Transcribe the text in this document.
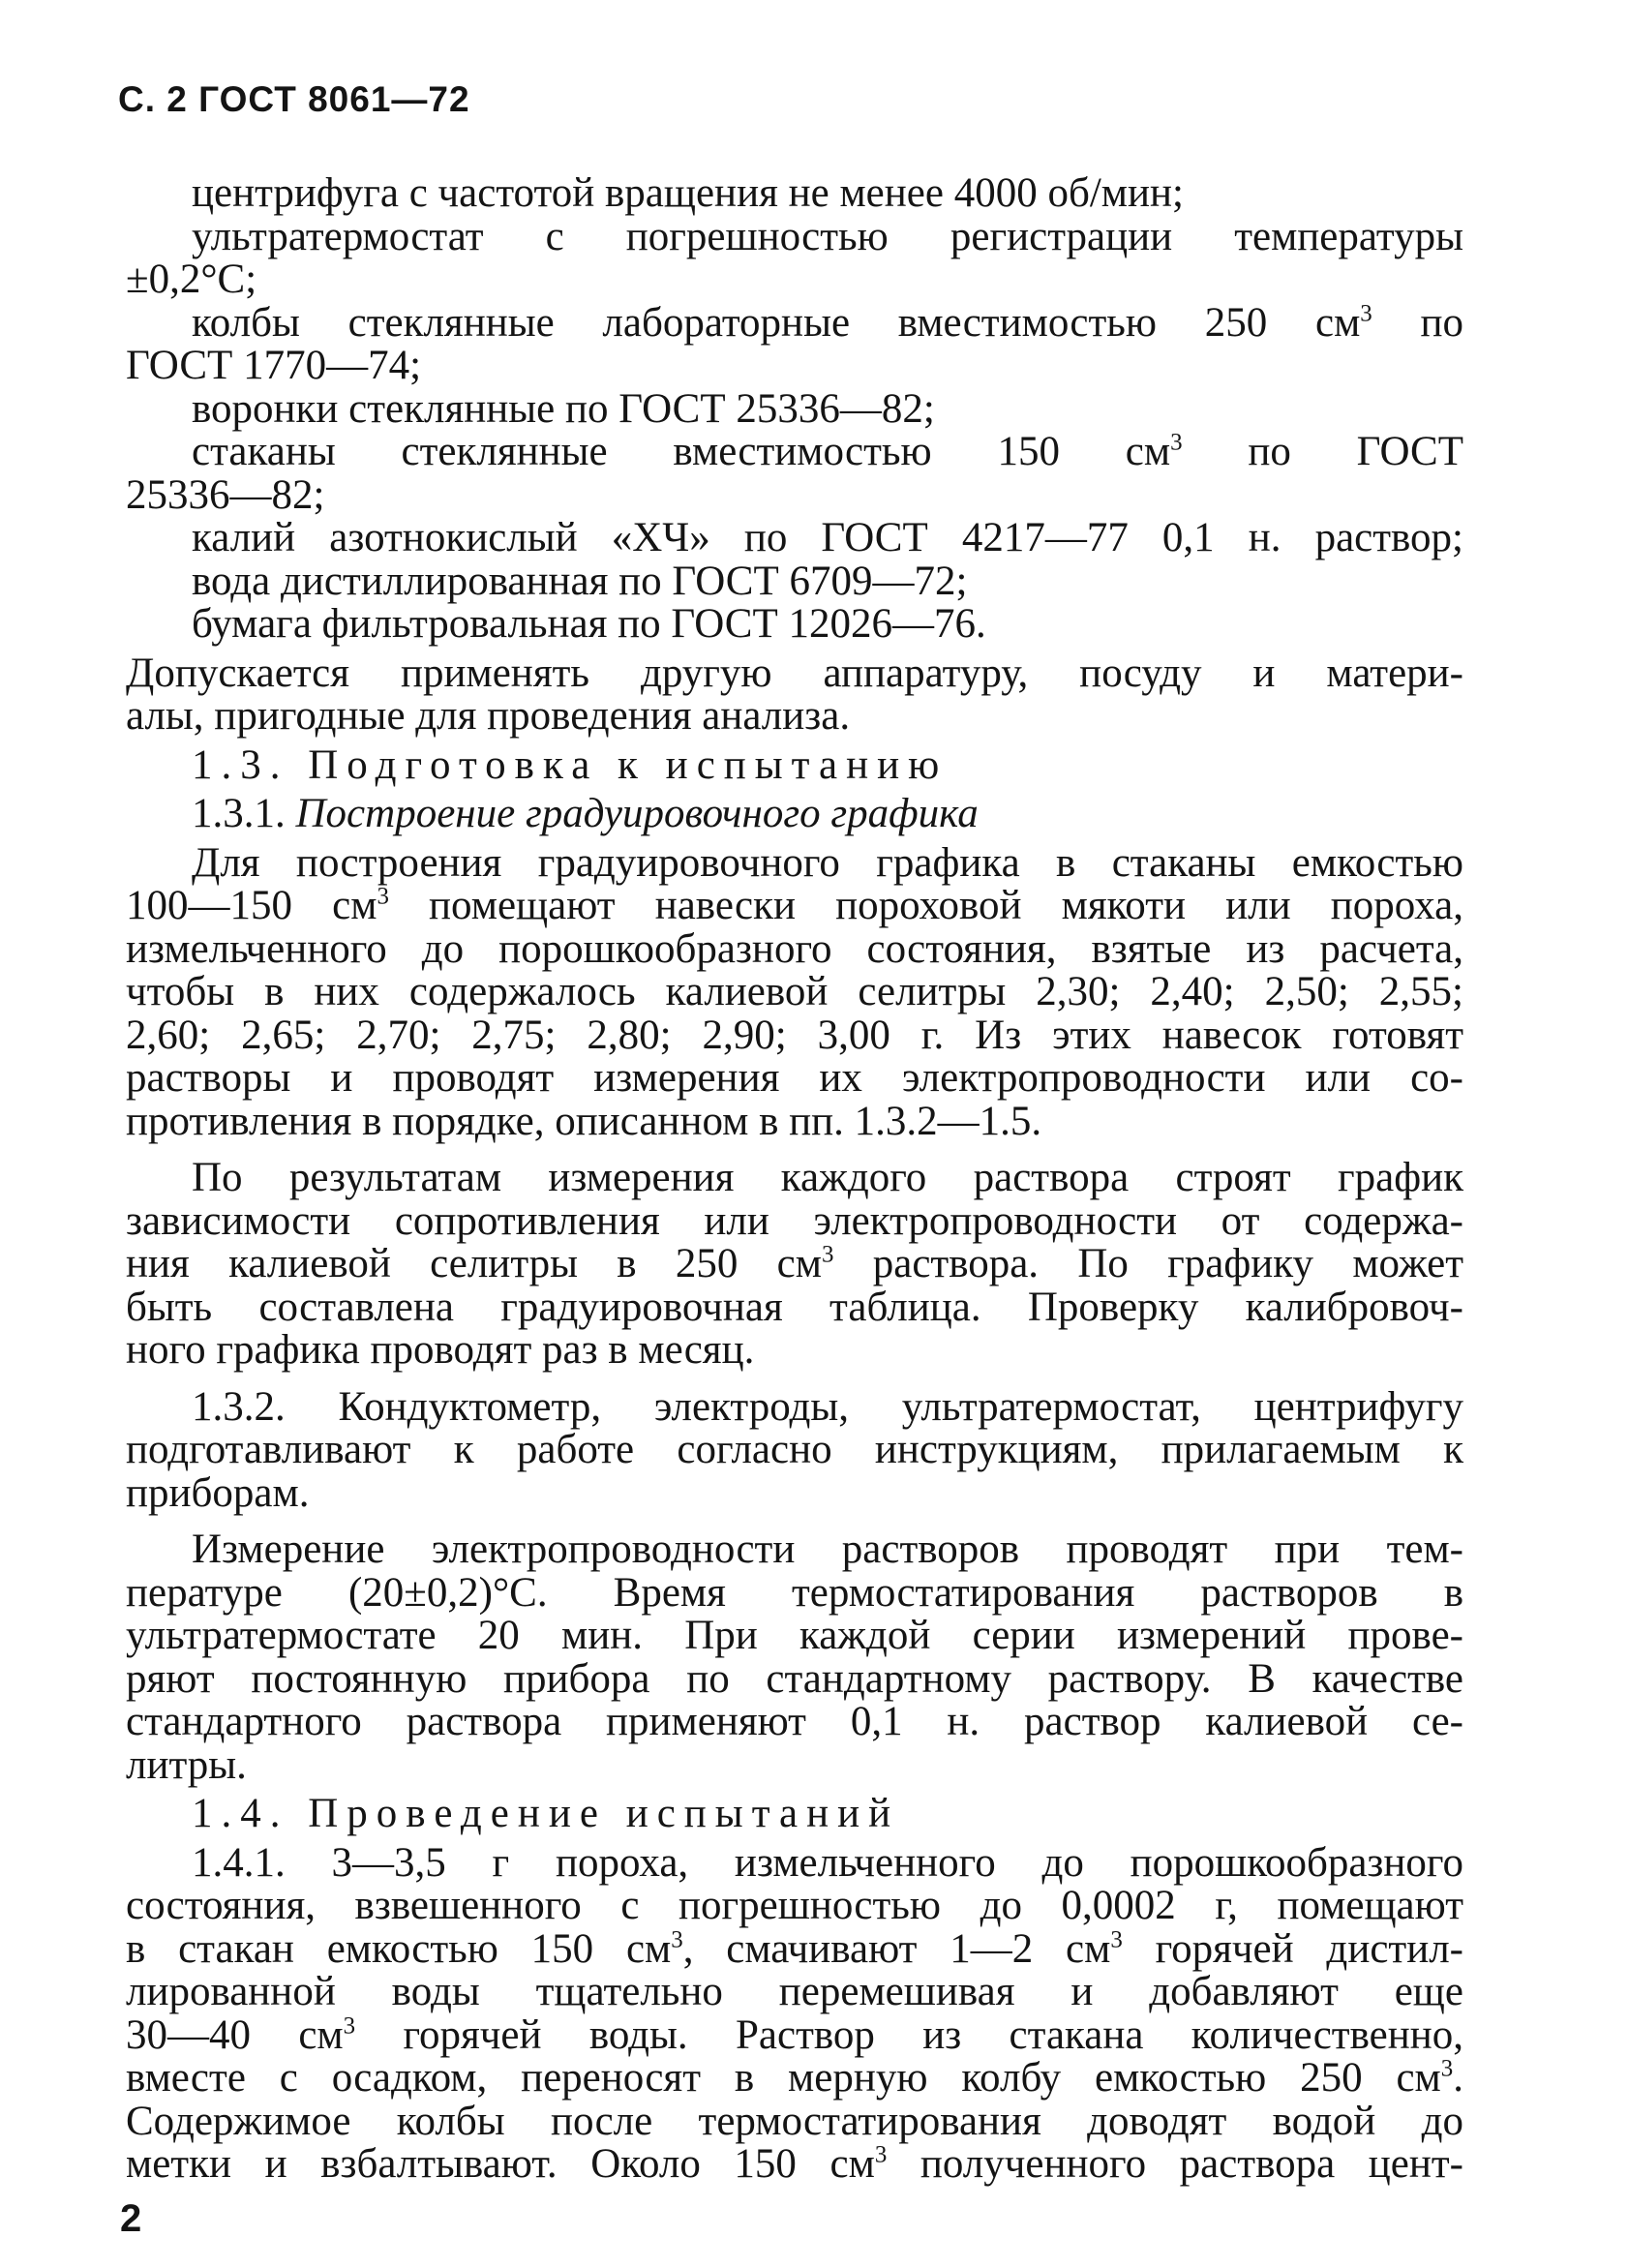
С. 2 ГОСТ 8061—72
центрифуга с частотой вращения не менее 4000 об/мин;
ультратермостат с погрешностью регистрации температуры
±0,2°С;
колбы стеклянные лабораторные вместимостью 250 $см^3$ по
ГОСТ 1770—74;
воронки стеклянные по ГОСТ 25336—82;
стаканы стеклянные вместимостью 150 $см^3$ по ГОСТ
25336—82;
калий азотнокислый «ХЧ» по ГОСТ 4217—77 0,1 н. раствор;
вода дистиллированная по ГОСТ 6709—72;
бумага фильтровальная по ГОСТ 12026—76.
Допускается применять другую аппаратуру, посуду и матери-
алы, пригодные для проведения анализа.
1.3. Подготовка к испытанию
1.3.1. Построение градуировочного графика
Для построения градуировочного графика в стаканы емкостью
100—150 $см^3$ помещают навески пороховой мякоти или пороха,
измельченного до порошкообразного состояния, взятые из расчета,
чтобы в них содержалось калиевой селитры 2,30; 2,40; 2,50; 2,55;
2,60; 2,65; 2,70; 2,75; 2,80; 2,90; 3,00 г. Из этих навесок готовят
растворы и проводят измерения их электропроводности или со-
противления в порядке, описанном в пп. 1.3.2—1.5.
По результатам измерения каждого раствора строят график
зависимости сопротивления или электропроводности от содержа-
ния калиевой селитры в 250 $см^3$ раствора. По графику может
быть составлена градуировочная таблица. Проверку калибровоч-
ного графика проводят раз в месяц.
1.3.2. Кондуктометр, электроды, ультратермостат, центрифугу
подготавливают к работе согласно инструкциям, прилагаемым к
приборам.
Измерение электропроводности растворов проводят при тем-
пературе (20±0,2)°С. Время термостатирования растворов в
ультратермостате 20 мин. При каждой серии измерений прове-
ряют постоянную прибора по стандартному раствору. В качестве
стандартного раствора применяют 0,1 н. раствор калиевой се-
литры.
1.4. Проведение испытаний
1.4.1. 3—3,5 г пороха, измельченного до порошкообразного
состояния, взвешенного с погрешностью до 0,0002 г, помещают
в стакан емкостью 150 $см^3$, смачивают 1—2 $см^3$ горячей дистил-
лированной воды тщательно перемешивая и добавляют еще
30—40 $см^3$ горячей воды. Раствор из стакана количественно,
вместе с осадком, переносят в мерную колбу емкостью 250 $см^3$.
Содержимое колбы после термостатирования доводят водой до
метки и взбалтывают. Около 150 $см^3$ полученного раствора цент-
2
